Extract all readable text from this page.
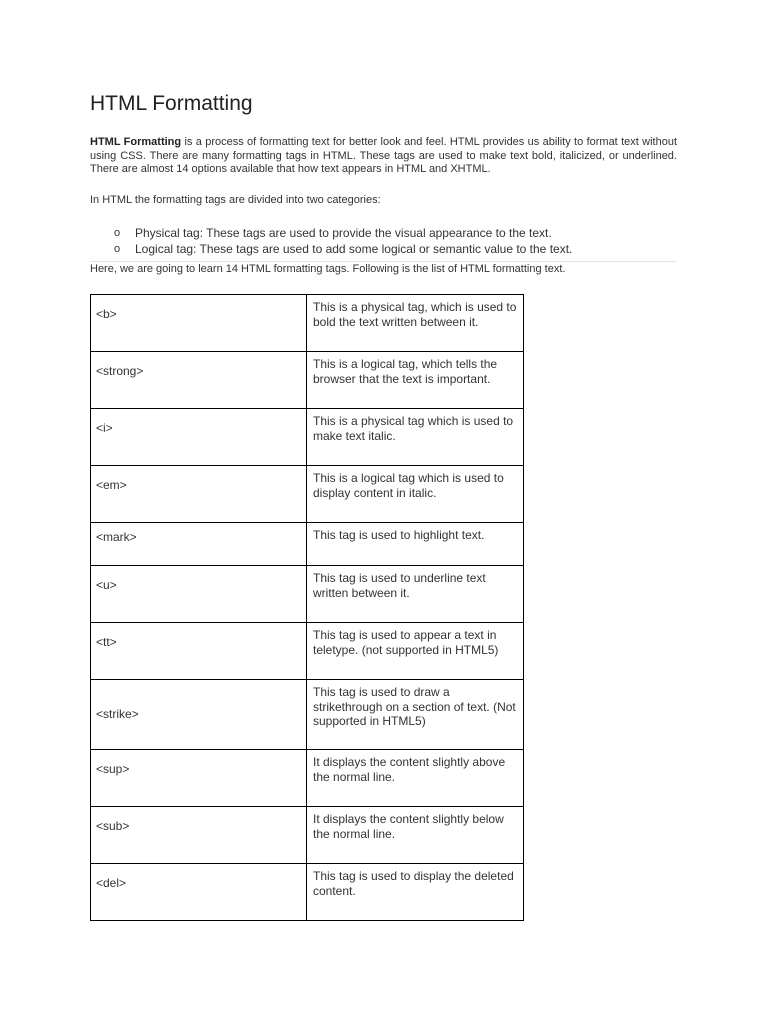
HTML Formatting

HTML Formatting is a process of formatting text for better look and feel. HTML provides us ability to format text without using CSS. There are many formatting tags in HTML. These tags are used to make text bold, italicized, or underlined. There are almost 14 options available that how text appears in HTML and XHTML.

In HTML the formatting tags are divided into two categories:

o Physical tag: These tags are used to provide the visual appearance to the text.
o Logical tag: These tags are used to add some logical or semantic value to the text.

Here, we are going to learn 14 HTML formatting tags. Following is the list of HTML formatting text.

<b>	This is a physical tag, which is used to bold the text written between it.

<strong>	This is a logical tag, which tells the browser that the text is important.

<i>	This is a physical tag which is used to make text italic.

<em>	This is a logical tag which is used to display content in italic.

<mark>	This tag is used to highlight text.

<u>	This tag is used to underline text written between it.

<tt>	This tag is used to appear a text in teletype. (not supported in HTML5)

<strike>	This tag is used to draw a strikethrough on a section of text. (Not supported in HTML5)

<sup>	It displays the content slightly above the normal line.

<sub>	It displays the content slightly below the normal line.

<del>	This tag is used to display the deleted content.
